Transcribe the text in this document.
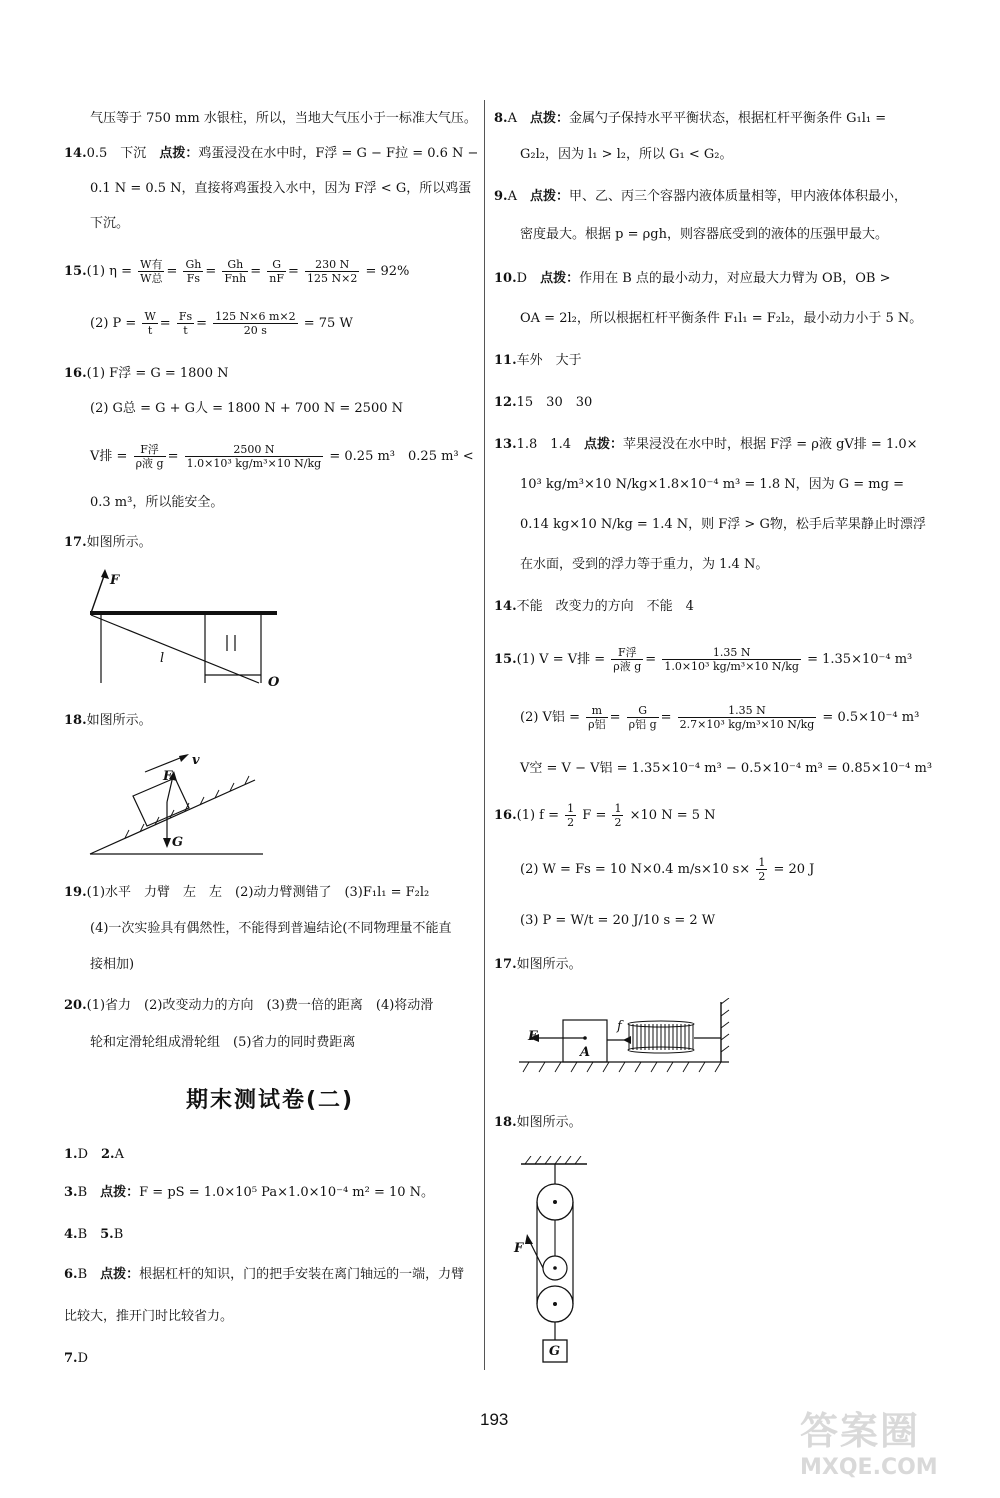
气压等于 750 mm 水银柱，所以，当地大气压小于一标准大气压。
14.0.5　下沉　点拨：鸡蛋浸没在水中时，F浮 = G − F拉 = 0.6 N −
0.1 N = 0.5 N，直接将鸡蛋投入水中，因为 F浮 < G，所以鸡蛋
下沉。
15.(1) $\eta = \frac{\text{W有}}{\text{W总}} = \frac{Gh}{Fs} = \frac{Gh}{\text{Fnh}} = \frac{G}{nF} = \frac{230 N}{125 N\times 2} = 92\%$
(2) $P = \frac{W}{t} = \frac{Fs}{t} = \frac{125 N\times 6 m\times 2}{20 s} = 75$ W
16.(1) F浮 = G = 1800 N
(2) G总 = G + G人 = 1800 N + 700 N = 2500 N
V排 = $\frac{\text{F浮}}{\text{ρ液 g}} = \frac{2500 N}{\text{1.0×10³ kg/m³×10 N/kg}} = 0.25$ m³　0.25 m³ <
0.3 m³，所以能安全。
17.如图所示。
F
l
O
18.如图所示。
v
F
G
19.(1)水平　力臂　左　左　(2)动力臂测错了　(3)F₁l₁ = F₂l₂
(4)一次实验具有偶然性，不能得到普遍结论(不同物理量不能直
接相加)
20.(1)省力　(2)改变动力的方向　(3)费一倍的距离　(4)将动滑
轮和定滑轮组成滑轮组　(5)省力的同时费距离
期末测试卷(二)
1.D　2.A
3.B　点拨：F = pS = 1.0×10⁵ Pa×1.0×10⁻⁴ m² = 10 N。
4.B　5.B
6.B　点拨：根据杠杆的知识，门的把手安装在离门轴远的一端，力臂
比较大，推开门时比较省力。
7.D
8.A　点拨：金属勺子保持水平平衡状态，根据杠杆平衡条件 G₁l₁ =
G₂l₂，因为 l₁ > l₂，所以 G₁ < G₂。
9.A　点拨：甲、乙、丙三个容器内液体质量相等，甲内液体体积最小，
密度最大。根据 p = ρgh，则容器底受到的液体的压强甲最大。
10.D　点拨：作用在 B 点的最小动力，对应最大力臂为 OB，OB >
OA = 2l₂，所以根据杠杆平衡条件 F₁l₁ = F₂l₂，最小动力小于 5 N。
11.车外　大于
12.15　30　30
13.1.8　1.4　点拨：苹果浸没在水中时，根据 F浮 = ρ液 gV排 = 1.0×
10³ kg/m³×10 N/kg×1.8×10⁻⁴ m³ = 1.8 N，因为 G = mg =
0.14 kg×10 N/kg = 1.4 N，则 F浮 > G物，松手后苹果静止时漂浮
在水面，受到的浮力等于重力，为 1.4 N。
14.不能　改变力的方向　不能　4
15.(1) V = V排 = $\frac{\text{F浮}}{\text{ρ液 g}} = \frac{1.35 N}{\text{1.0×10³ kg/m³×10 N/kg}} = 1.35\times 10^{-4}$ m³
(2) V铝 = $\frac{m}{\text{ρ铝}} = \frac{G}{\text{ρ铝 g}} = \frac{1.35 N}{\text{2.7×10³ kg/m³×10 N/kg}} = 0.5\times 10^{-4}$ m³
V空 = V − V铝 = 1.35×10⁻⁴ m³ − 0.5×10⁻⁴ m³ = 0.85×10⁻⁴ m³
16.(1) $f = \frac{1}{2}$ $F = \frac{1}{2} \times 10$ N = 5 N
(2) W = Fs = 10 N×0.4 m/s×10 $s\times \frac{1}{2} = 20$ J
(3) P = W/t = 20 J/10 s = 2 W
17.如图所示。
F
f
A
18.如图所示。
F
G
193	答案圈
MXQE.COM
